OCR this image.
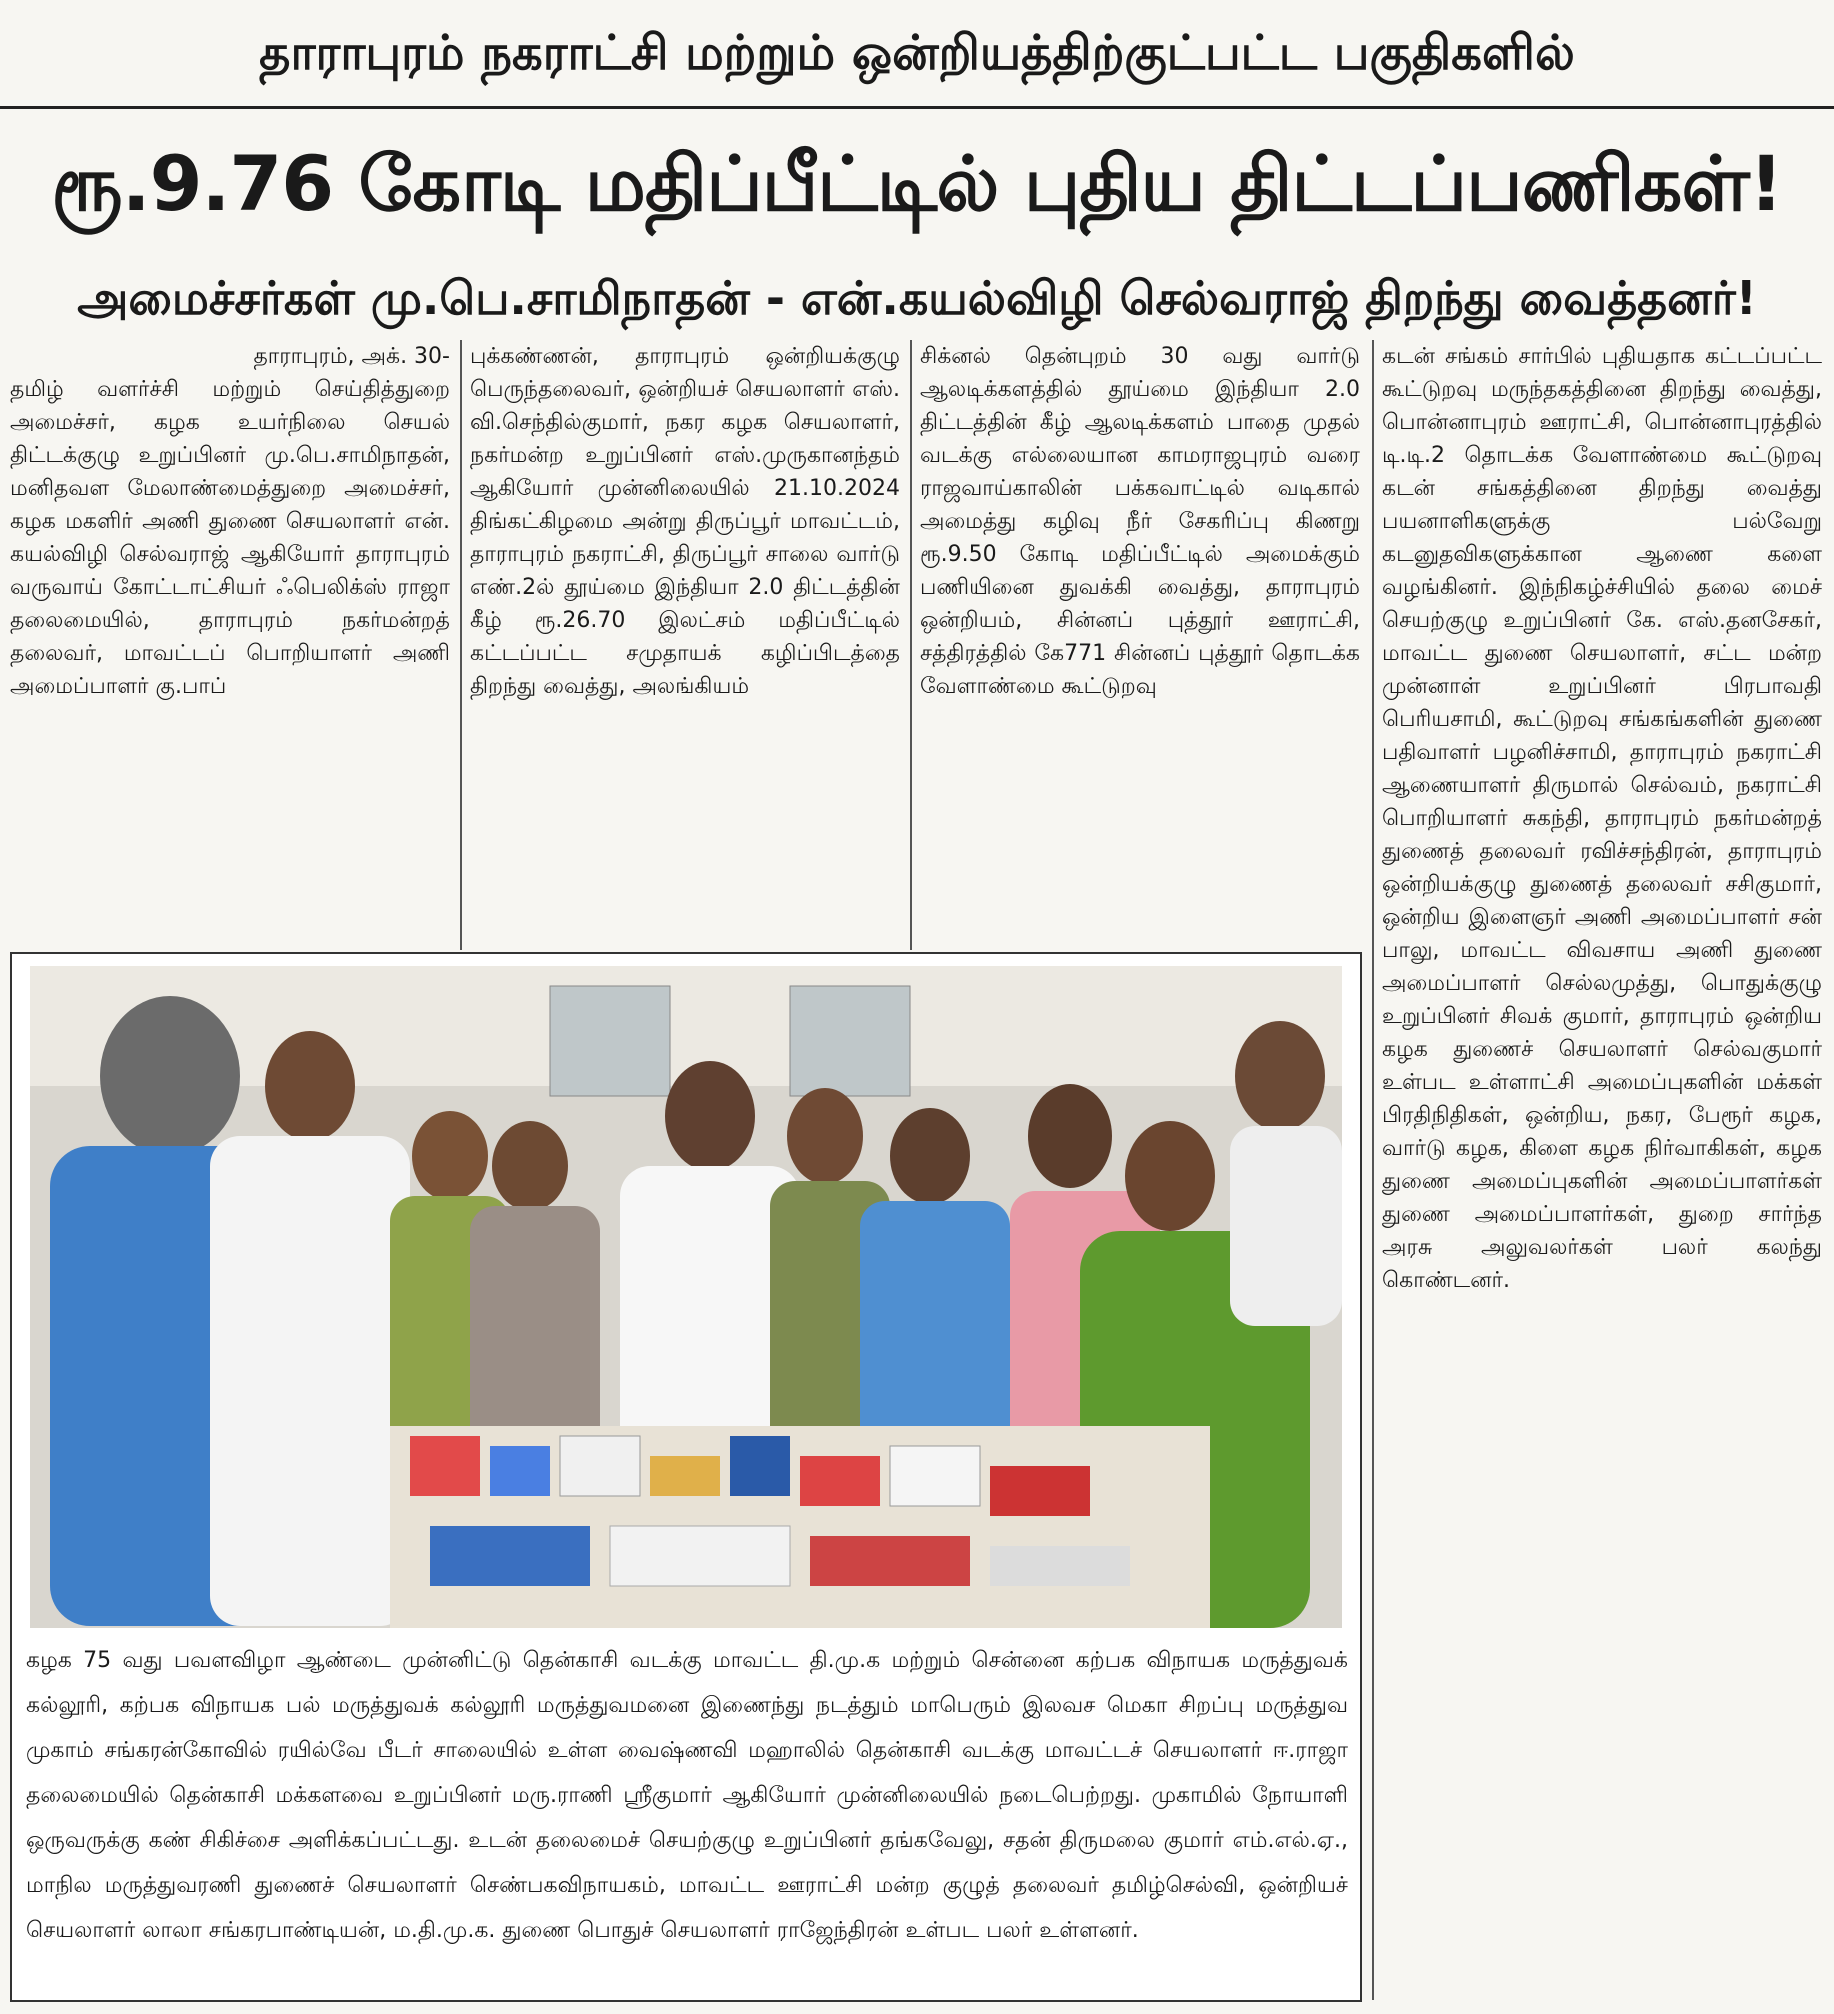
தாராபுரம் நகராட்சி மற்றும் ஒன்றியத்திற்குட்பட்ட பகுதிகளில்
ரூ.9.76 கோடி மதிப்பீட்டில் புதிய திட்டப்பணிகள்!
அமைச்சர்கள் மு.பெ.சாமிநாதன் - என்.கயல்விழி செல்வராஜ் திறந்து வைத்தனர்!

தாராபுரம், அக். 30-

தமிழ் வளர்ச்சி மற்றும் செய்தித்துறை அமைச்சர், கழக உயர்நிலை செயல் திட்டக்குழு உறுப்பினர் மு.பெ.சாமிநாதன், மனிதவள மேலாண்மைத்துறை அமைச்சர், கழக மகளிர் அணி துணை செயலாளர் என். கயல்விழி செல்வராஜ் ஆகியோர் தாராபுரம் வருவாய் கோட்டாட்சியர் ஃபெலிக்ஸ் ராஜா தலைமையில், தாராபுரம் நகர்மன்றத் தலைவர், மாவட்டப் பொறியாளர் அணி அமைப்பாளர் கு.பாப்

புக்கண்ணன், தாராபுரம் ஒன்றியக்குழு பெருந்தலைவர், ஒன்றியச் செயலாளர் எஸ். வி.செந்தில்குமார், நகர கழக செயலாளர், நகர்மன்ற உறுப்பினர் எஸ்.முருகானந்தம் ஆகியோர் முன்னிலையில் 21.10.2024 திங்கட்கிழமை அன்று திருப்பூர் மாவட்டம், தாராபுரம் நகராட்சி, திருப்பூர் சாலை வார்டு எண்.2ல் தூய்மை இந்தியா 2.0 திட்டத்தின் கீழ் ரூ.26.70 இலட்சம் மதிப்பீட்டில் கட்டப்பட்ட சமுதாயக் கழிப்பிடத்தை திறந்து வைத்து, அலங்கியம்

சிக்னல் தென்புறம் 30 வது வார்டு ஆலடிக்களத்தில் தூய்மை இந்தியா 2.0 திட்டத்தின் கீழ் ஆலடிக்களம் பாதை முதல் வடக்கு எல்லையான காமராஜபுரம் வரை ராஜவாய்காலின் பக்கவாட்டில் வடிகால் அமைத்து கழிவு நீர் சேகரிப்பு கிணறு ரூ.9.50 கோடி மதிப்பீட்டில் அமைக்கும் பணியினை துவக்கி வைத்து, தாராபுரம் ஒன்றியம், சின்னப் புத்தூர் ஊராட்சி, சத்திரத்தில் கே771 சின்னப் புத்தூர் தொடக்க வேளாண்மை கூட்டுறவு

கடன் சங்கம் சார்பில் புதியதாக கட்டப்பட்ட கூட்டுறவு மருந்தகத்தினை திறந்து வைத்து, பொன்னாபுரம் ஊராட்சி, பொன்னாபுரத்தில் டி.டி.2 தொடக்க வேளாண்மை கூட்டுறவு கடன் சங்கத்தினை திறந்து வைத்து பயனாளிகளுக்கு பல்வேறு கடனுதவிகளுக்கான ஆணை களை வழங்கினர். இந்நிகழ்ச்சியில் தலை மைச் செயற்குழு உறுப்பினர் கே. எஸ்.தனசேகர், மாவட்ட துணை செயலாளர், சட்ட மன்ற முன்னாள் உறுப்பினர் பிரபாவதி பெரியசாமி, கூட்டுறவு சங்கங்களின் துணை பதிவாளர் பழனிச்சாமி, தாராபுரம் நகராட்சி ஆணையாளர் திருமால் செல்வம், நகராட்சி பொறியாளர் சுகந்தி, தாராபுரம் நகர்மன்றத் துணைத் தலைவர் ரவிச்சந்திரன், தாராபுரம் ஒன்றியக்குழு துணைத் தலைவர் சசிகுமார், ஒன்றிய இளைஞர் அணி அமைப்பாளர் சன் பாலு, மாவட்ட விவசாய அணி துணை அமைப்பாளர் செல்லமுத்து, பொதுக்குழு உறுப்பினர் சிவக் குமார், தாராபுரம் ஒன்றிய கழக துணைச் செயலாளர் செல்வகுமார் உள்பட உள்ளாட்சி அமைப்புகளின் மக்கள் பிரதிநிதிகள், ஒன்றிய, நகர, பேரூர் கழக, வார்டு கழக, கிளை கழக நிர்வாகிகள், கழக துணை அமைப்புகளின் அமைப்பாளர்கள் துணை அமைப்பாளர்கள், துறை சார்ந்த அரசு அலுவலர்கள் பலர் கலந்து கொண்டனர்.

கழக 75 வது பவளவிழா ஆண்டை முன்னிட்டு தென்காசி வடக்கு மாவட்ட தி.மு.க மற்றும் சென்னை கற்பக விநாயக மருத்துவக் கல்லூரி, கற்பக விநாயக பல் மருத்துவக் கல்லூரி மருத்துவமனை இணைந்து நடத்தும் மாபெரும் இலவச மெகா சிறப்பு மருத்துவ முகாம் சங்கரன்கோவில் ரயில்வே பீடர் சாலையில் உள்ள வைஷ்ணவி மஹாலில் தென்காசி வடக்கு மாவட்டச் செயலாளர் ஈ.ராஜா தலைமையில் தென்காசி மக்களவை உறுப்பினர் மரு.ராணி ஸ்ரீகுமார் ஆகியோர் முன்னிலையில் நடைபெற்றது. முகாமில் நோயாளி ஒருவருக்கு கண் சிகிச்சை அளிக்கப்பட்டது. உடன் தலைமைச் செயற்குழு உறுப்பினர் தங்கவேலு, சதன் திருமலை குமார் எம்.எல்.ஏ., மாநில மருத்துவரணி துணைச் செயலாளர் செண்பகவிநாயகம், மாவட்ட ஊராட்சி மன்ற குழுத் தலைவர் தமிழ்செல்வி, ஒன்றியச் செயலாளர் லாலா சங்கரபாண்டியன், ம.தி.மு.க. துணை பொதுச் செயலாளர் ராஜேந்திரன் உள்பட பலர் உள்ளனர்.
